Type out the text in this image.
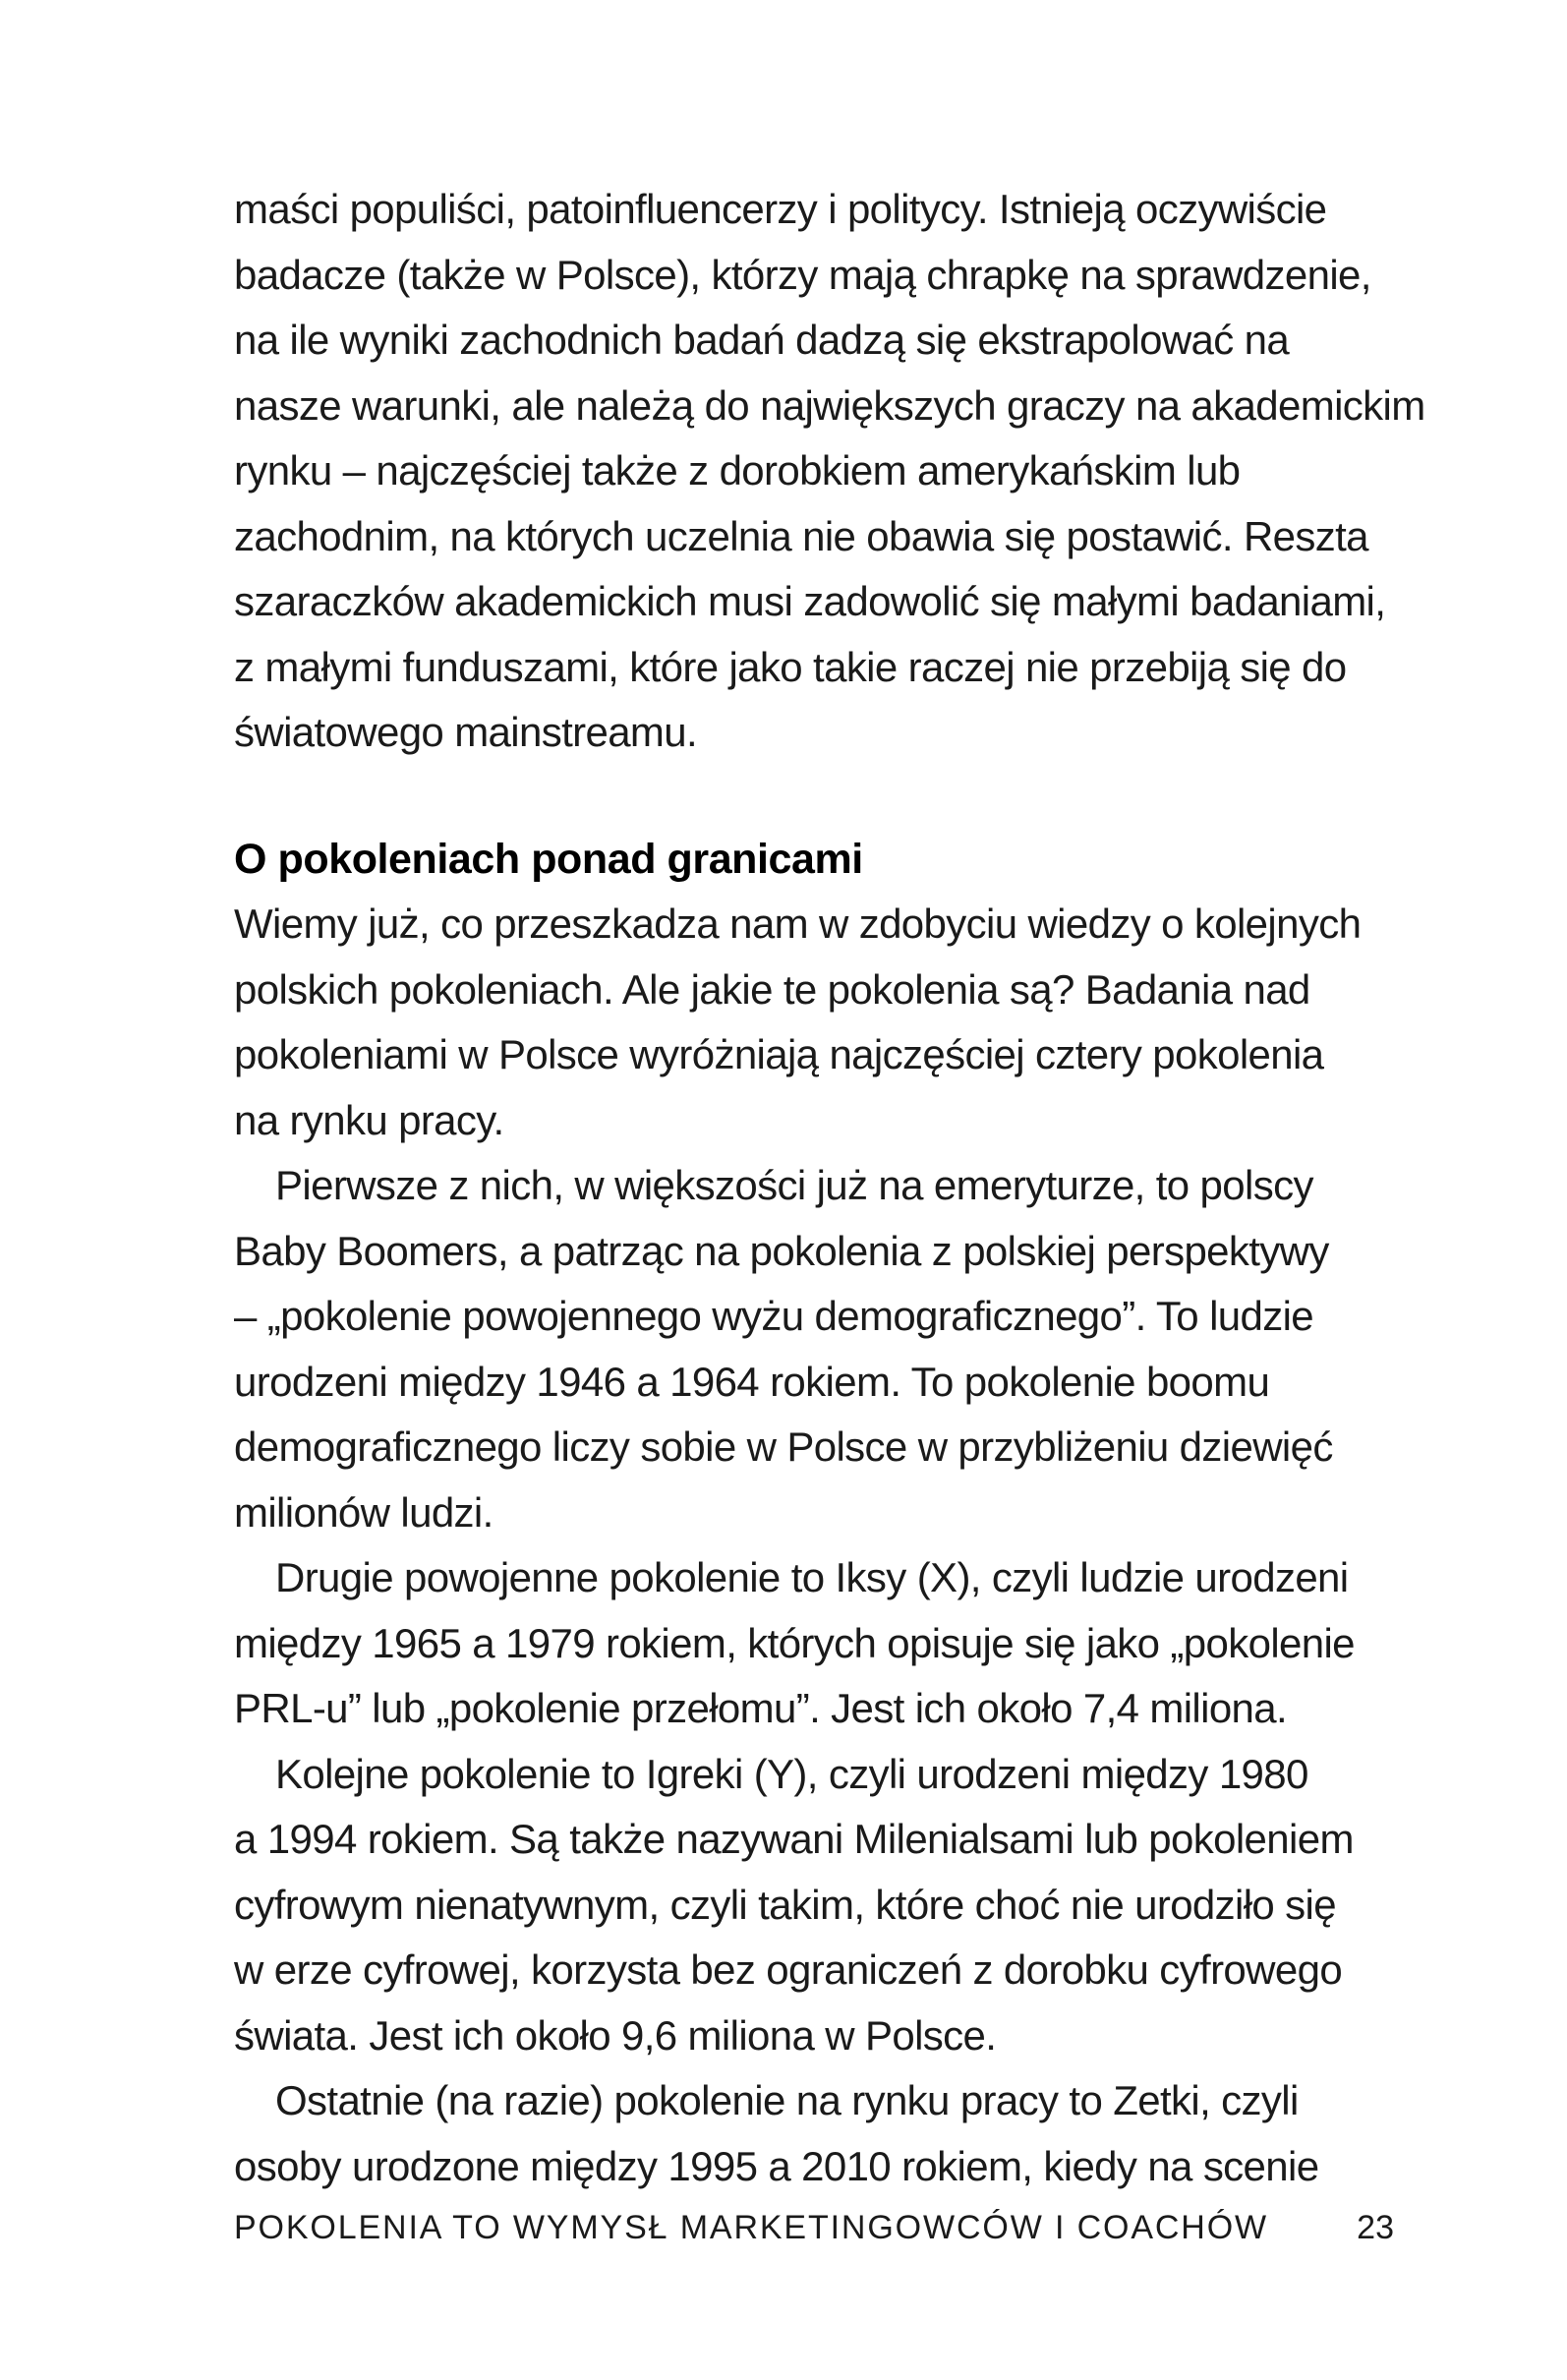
maści populiści, patoinfluencerzy i politycy. Istnieją oczywiście
badacze (także w Polsce), którzy mają chrapkę na sprawdzenie,
na ile wyniki zachodnich badań dadzą się ekstrapolować na
nasze warunki, ale należą do największych graczy na akademickim
rynku – najczęściej także z dorobkiem amerykańskim lub
zachodnim, na których uczelnia nie obawia się postawić. Reszta
szaraczków akademickich musi zadowolić się małymi badaniami,
z małymi funduszami, które jako takie raczej nie przebiją się do
światowego mainstreamu.

O pokoleniach ponad granicami

Wiemy już, co przeszkadza nam w zdobyciu wiedzy o kolejnych
polskich pokoleniach. Ale jakie te pokolenia są? Badania nad
pokoleniami w Polsce wyróżniają najczęściej cztery pokolenia
na rynku pracy.

Pierwsze z nich, w większości już na emeryturze, to polscy
Baby Boomers, a patrząc na pokolenia z polskiej perspektywy
– „pokolenie powojennego wyżu demograficznego”. To ludzie
urodzeni między 1946 a 1964 rokiem. To pokolenie boomu
demograficznego liczy sobie w Polsce w przybliżeniu dziewięć
milionów ludzi.

Drugie powojenne pokolenie to Iksy (X), czyli ludzie urodzeni
między 1965 a 1979 rokiem, których opisuje się jako „pokolenie
PRL-u” lub „pokolenie przełomu”. Jest ich około 7,4 miliona.

Kolejne pokolenie to Igreki (Y), czyli urodzeni między 1980
a 1994 rokiem. Są także nazywani Milenialsami lub pokoleniem
cyfrowym nienatywnym, czyli takim, które choć nie urodziło się
w erze cyfrowej, korzysta bez ograniczeń z dorobku cyfrowego
świata. Jest ich około 9,6 miliona w Polsce.

Ostatnie (na razie) pokolenie na rynku pracy to Zetki, czyli
osoby urodzone między 1995 a 2010 rokiem, kiedy na scenie

POKOLENIA TO WYMYSŁ MARKETINGOWCÓW I COACHÓW	23
